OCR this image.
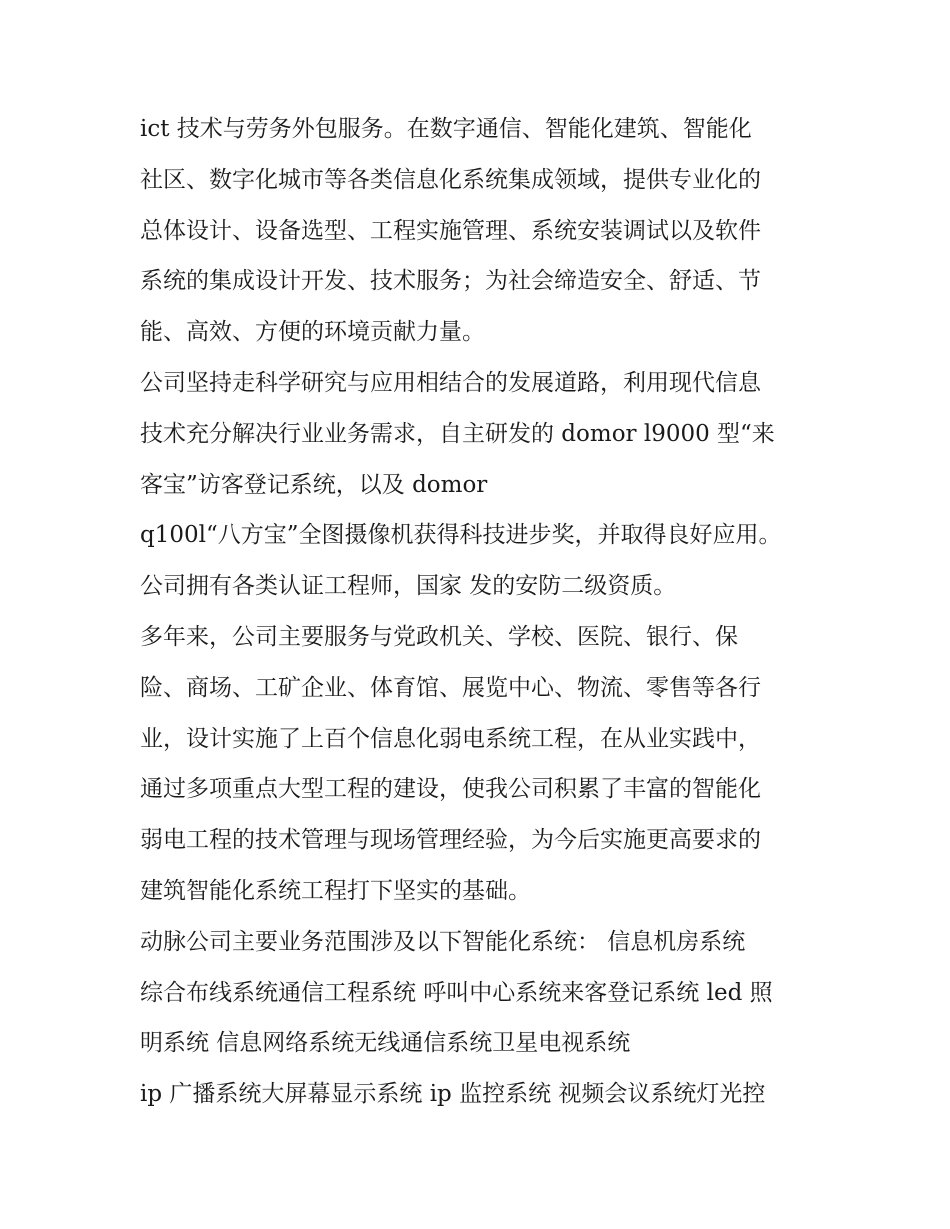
ict 技术与劳务外包服务。在数字通信、智能化建筑、智能化
社区、数字化城市等各类信息化系统集成领域，提供专业化的
总体设计、设备选型、工程实施管理、系统安装调试以及软件
系统的集成设计开发、技术服务；为社会缔造安全、舒适、节
能、高效、方便的环境贡献力量。
公司坚持走科学研究与应用相结合的发展道路，利用现代信息
技术充分解决行业业务需求，自主研发的 domor l9000 型“来
客宝”访客登记系统，以及 domor
q100l“八方宝”全图摄像机获得科技进步奖，并取得良好应用。
公司拥有各类认证工程师，国家 发的安防二级资质。
多年来，公司主要服务与党政机关、学校、医院、银行、保
险、商场、工矿企业、体育馆、展览中心、物流、零售等各行
业，设计实施了上百个信息化弱电系统工程，在从业实践中，
通过多项重点大型工程的建设，使我公司积累了丰富的智能化
弱电工程的技术管理与现场管理经验，为今后实施更高要求的
建筑智能化系统工程打下坚实的基础。
动脉公司主要业务范围涉及以下智能化系统： 信息机房系统
综合布线系统通信工程系统 呼叫中心系统来客登记系统 led 照
明系统 信息网络系统无线通信系统卫星电视系统
ip 广播系统大屏幕显示系统 ip 监控系统 视频会议系统灯光控
